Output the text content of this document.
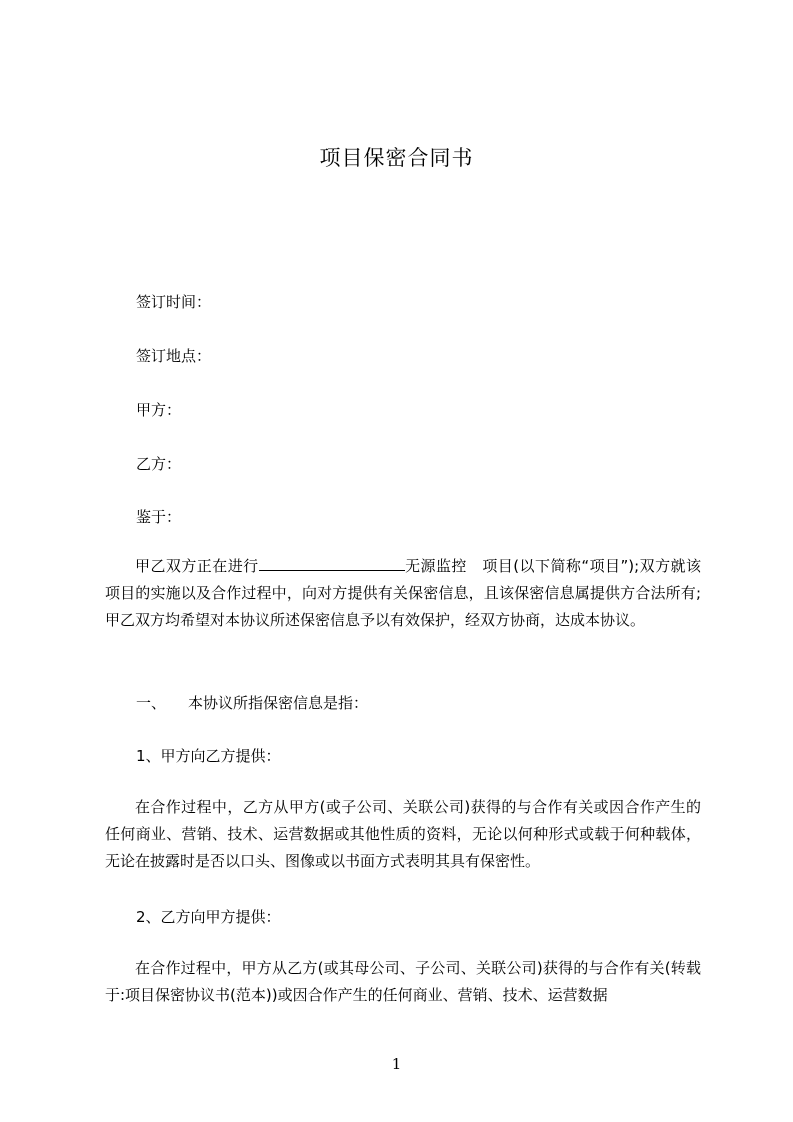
项目保密合同书
签订时间：
签订地点：
甲方：
乙方：
鉴于：
甲乙双方正在进行	无源监控　项目(以下简称“项目”);双方就该项目的实施以及合作过程中，向对方提供有关保密信息，且该保密信息属提供方合法所有;甲乙双方均希望对本协议所述保密信息予以有效保护，经双方协商，达成本协议。
一、 本协议所指保密信息是指：
1、甲方向乙方提供：
在合作过程中，乙方从甲方(或子公司、关联公司)获得的与合作有关或因合作产生的任何商业、营销、技术、运营数据或其他性质的资料，无论以何种形式或载于何种载体，无论在披露时是否以口头、图像或以书面方式表明其具有保密性。
2、乙方向甲方提供：
在合作过程中，甲方从乙方(或其母公司、子公司、关联公司)获得的与合作有关(转载于:项目保密协议书(范本))或因合作产生的任何商业、营销、技术、运营数据
1
